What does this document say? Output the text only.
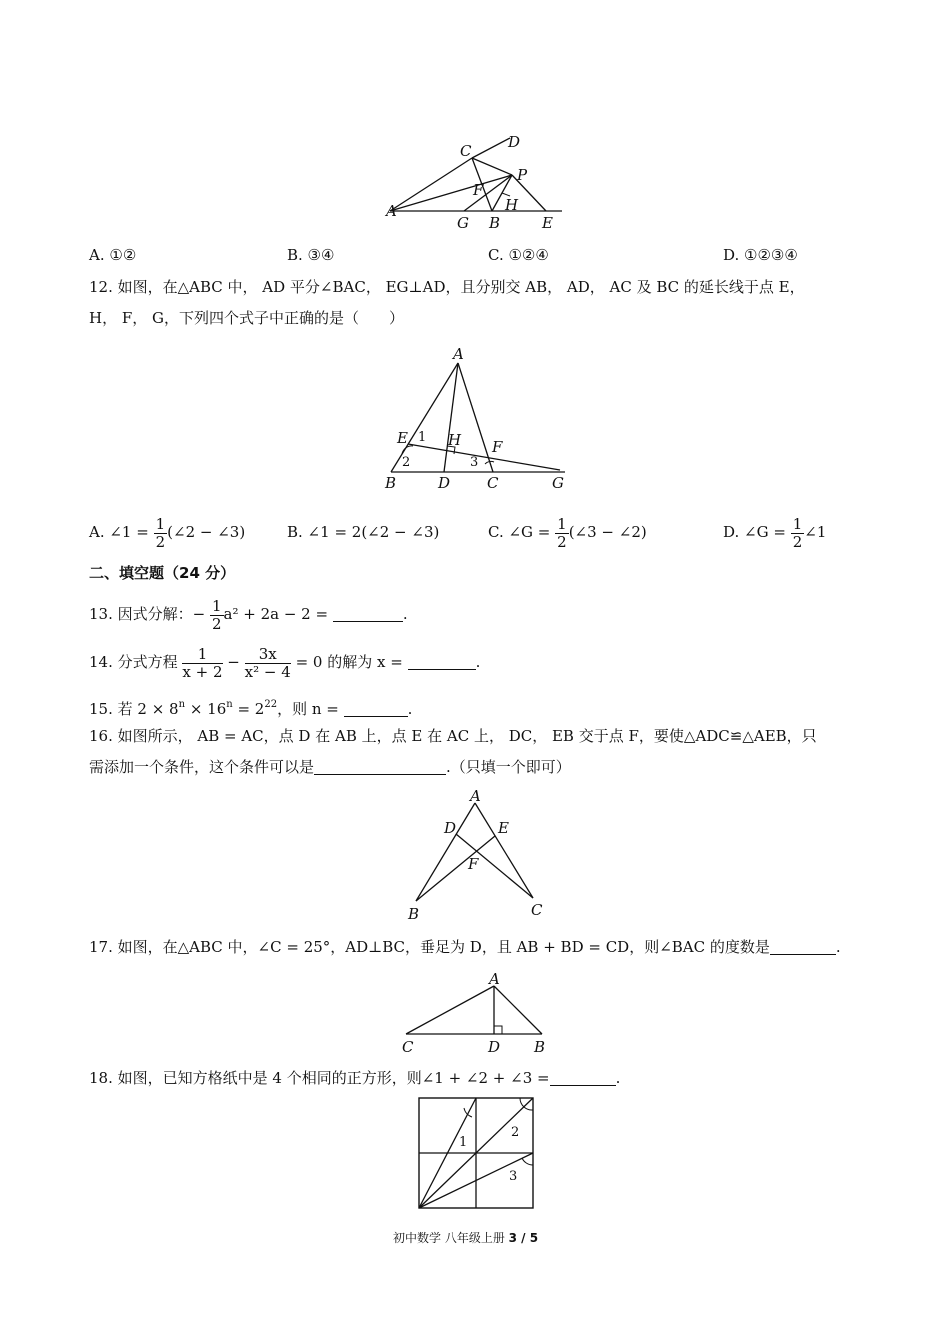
D
C
P
F
A
G B
H
E
A. ①②	B. ③④	C. ①②④	D. ①②③④
12. 如图，在△ABC 中， AD 平分∠BAC， EG⊥AD，且分别交 AB， AD， AC 及 BC 的延长线于点 E，
H， F， G，下列四个式子中正确的是（　　）
A
E 1 H F
2	3
B	D C	G
A. ∠1 = $\frac{1}{2}$ (∠2 − ∠3)	B. ∠1 = 2(∠2 − ∠3)	C. ∠G = $\frac{1}{2}$ (∠3 − ∠2)	D. ∠G = $\frac{1}{2}$ ∠1
二、填空题（24 分）
13. 因式分解：− $\frac{1}{2} a^2 + 2a - 2$ =	.
14. 分式方程 $\frac{1}{x + 2} - \frac{3x}{\text{x² − 4}} = 0$ 的解为 x =	.
15. 若 $2 \times 8^n \times 16^n = 2^{22}$，则 n =	.
16. 如图所示， AB = AC，点 D 在 AB 上，点 E 在 AC 上， DC， EB 交于点 F，要使△ADC≌△AEB，只
需添加一个条件，这个条件可以是	.（只填一个即可）
A
D	E
F
B	C
17. 如图，在△ABC 中，∠C = 25°，AD⊥BC，垂足为 D，且 AB + BD = CD，则∠BAC 的度数是	.
A
C	D B
18. 如图，已知方格纸中是 4 个相同的正方形，则∠1 + ∠2 + ∠3 =	.
1
2
3
初中数学 八年级上册 3 / 5
